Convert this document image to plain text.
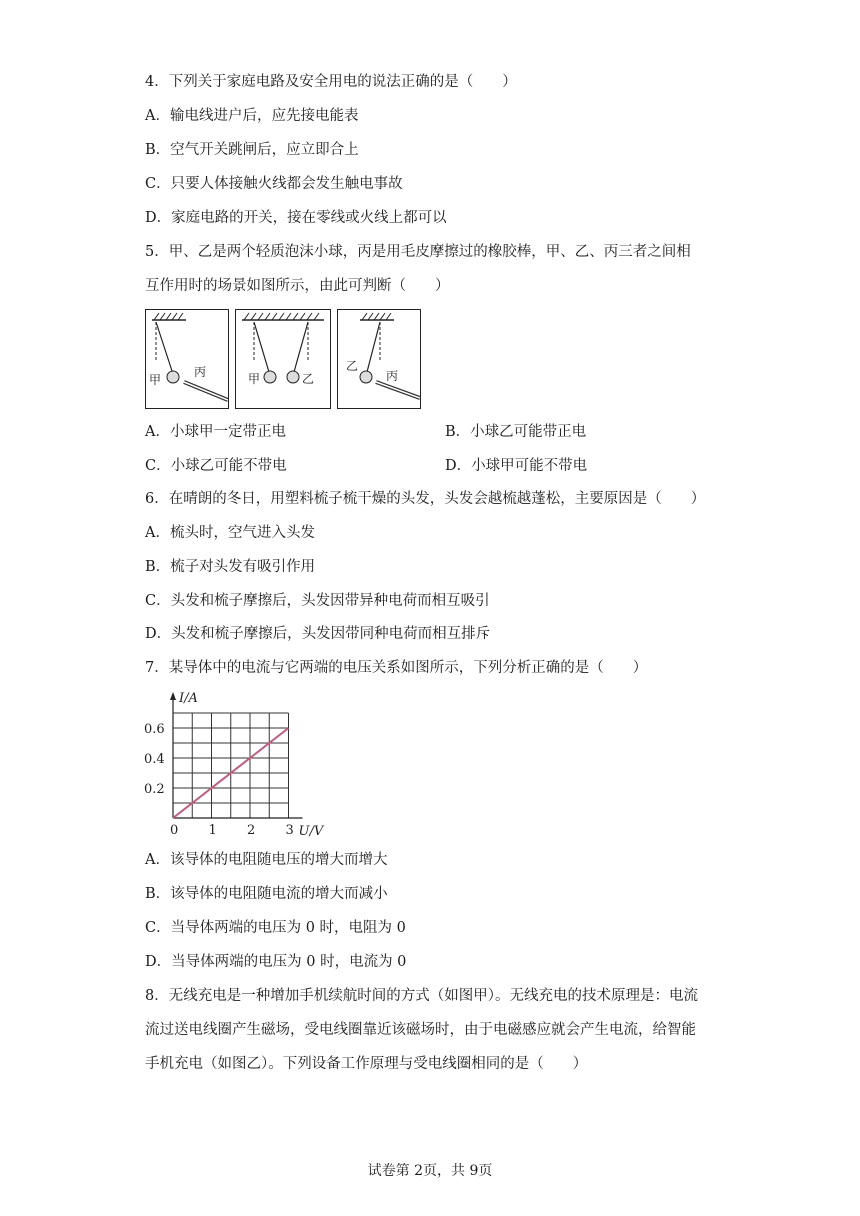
4．下列关于家庭电路及安全用电的说法正确的是（　　）
A．输电线进户后，应先接电能表
B．空气开关跳闸后，应立即合上
C．只要人体接触火线都会发生触电事故
D．家庭电路的开关，接在零线或火线上都可以
5．甲、乙是两个轻质泡沫小球，丙是用毛皮摩擦过的橡胶棒，甲、乙、丙三者之间相
互作用时的场景如图所示，由此可判断（　　）
甲
丙	甲	乙
乙
丙
A．小球甲一定带正电	B．小球乙可能带正电
C．小球乙可能不带电	D．小球甲可能不带电
6．在晴朗的冬日，用塑料梳子梳干燥的头发，头发会越梳越蓬松，主要原因是（　　）
A．梳头时，空气进入头发
B．梳子对头发有吸引作用
C．头发和梳子摩擦后，头发因带异种电荷而相互吸引
D．头发和梳子摩擦后，头发因带同种电荷而相互排斥
7．某导体中的电流与它两端的电压关系如图所示，下列分析正确的是（　　）
0 1 2 3
0.2
0.4
0.6
I/A
U/V
A．该导体的电阻随电压的增大而增大
B．该导体的电阻随电流的增大而减小
C．当导体两端的电压为 0 时，电阻为 0
D．当导体两端的电压为 0 时，电流为 0
8．无线充电是一种增加手机续航时间的方式（如图甲）。无线充电的技术原理是：电流
流过送电线圈产生磁场，受电线圈靠近该磁场时，由于电磁感应就会产生电流，给智能
手机充电（如图乙）。下列设备工作原理与受电线圈相同的是（　　）
试卷第 2页，共 9页
